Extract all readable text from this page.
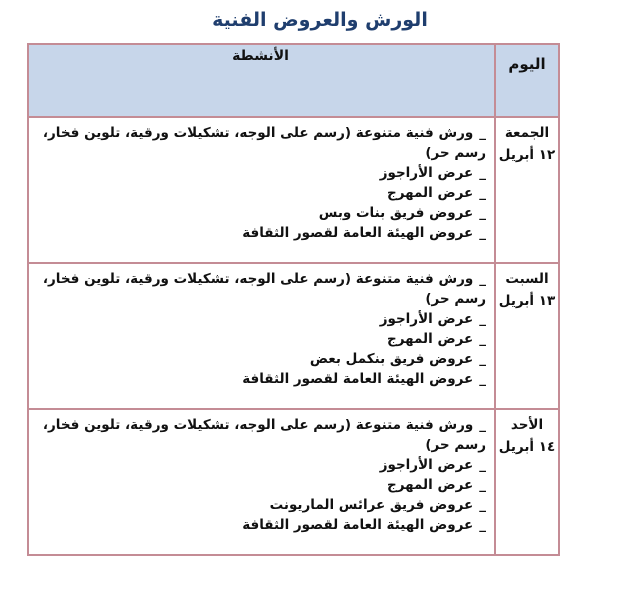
الورش والعروض الفنية
اليوم
الأنشطة
الجمعة
١٢ أبريل
_ورش فنية متنوعة (رسم على الوجه، تشكيلات ورقية، تلوين فخار، رسم حر)
_عرض الأراجوز
_عرض المهرج
_عروض فريق بنات وبس
_عروض الهيئة العامة لقصور الثقافة
السبت
١٣ أبريل
_ورش فنية متنوعة (رسم على الوجه، تشكيلات ورقية، تلوين فخار، رسم حر)
_عرض الأراجوز
_عرض المهرج
_عروض فريق بنكمل بعض
_عروض الهيئة العامة لقصور الثقافة
الأحد
١٤ أبريل
_ورش فنية متنوعة (رسم على الوجه، تشكيلات ورقية، تلوين فخار، رسم حر)
_عرض الأراجوز
_عرض المهرج
_عروض فريق عرائس الماريونت
_عروض الهيئة العامة لقصور الثقافة
